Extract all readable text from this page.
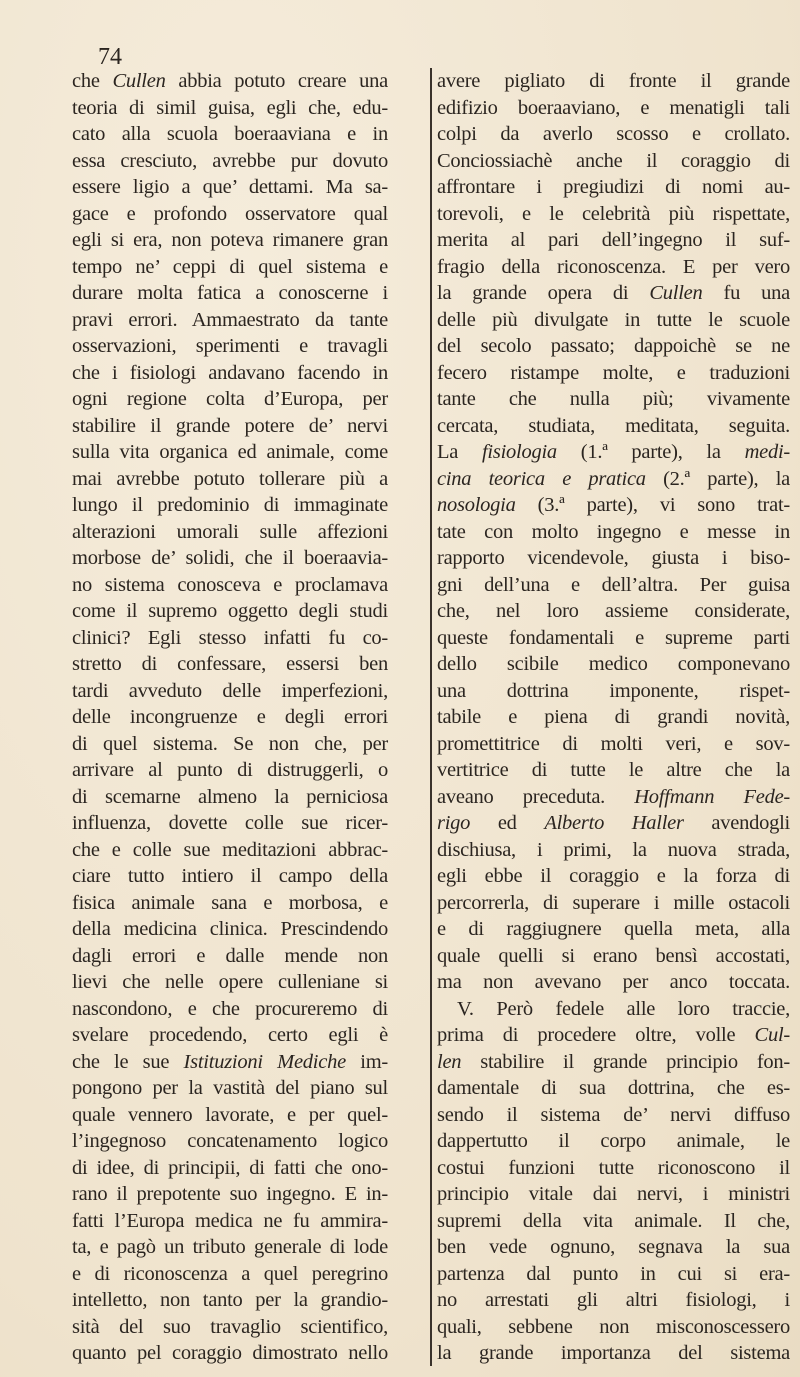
74
che Cullen abbia potuto creare una
teoria di simil guisa, egli che, edu-
cato alla scuola boeraaviana e in
essa cresciuto, avrebbe pur dovuto
essere ligio a que’ dettami. Ma sa-
gace e profondo osservatore qual
egli si era, non poteva rimanere gran
tempo ne’ ceppi di quel sistema e
durare molta fatica a conoscerne i
pravi errori. Ammaestrato da tante
osservazioni, sperimenti e travagli
che i fisiologi andavano facendo in
ogni regione colta d’Europa, per
stabilire il grande potere de’ nervi
sulla vita organica ed animale, come
mai avrebbe potuto tollerare più a
lungo il predominio di immaginate
alterazioni umorali sulle affezioni
morbose de’ solidi, che il boeraavia-
no sistema conosceva e proclamava
come il supremo oggetto degli studi
clinici? Egli stesso infatti fu co-
stretto di confessare, essersi ben
tardi avveduto delle imperfezioni,
delle incongruenze e degli errori
di quel sistema. Se non che, per
arrivare al punto di distruggerli, o
di scemarne almeno la perniciosa
influenza, dovette colle sue ricer-
che e colle sue meditazioni abbrac-
ciare tutto intiero il campo della
fisica animale sana e morbosa, e
della medicina clinica. Prescindendo
dagli errori e dalle mende non
lievi che nelle opere culleniane si
nascondono, e che procureremo di
svelare procedendo, certo egli è
che le sue Istituzioni Mediche im-
pongono per la vastità del piano sul
quale vennero lavorate, e per quel-
l’ingegnoso concatenamento logico
di idee, di principii, di fatti che ono-
rano il prepotente suo ingegno. E in-
fatti l’Europa medica ne fu ammira-
ta, e pagò un tributo generale di lode
e di riconoscenza a quel peregrino
intelletto, non tanto per la grandio-
sità del suo travaglio scientifico,
quanto pel coraggio dimostrato nello
avere pigliato di fronte il grande
edifizio boeraaviano, e menatigli tali
colpi da averlo scosso e crollato.
Conciossiachè anche il coraggio di
affrontare i pregiudizi di nomi au-
torevoli, e le celebrità più rispettate,
merita al pari dell’ingegno il suf-
fragio della riconoscenza. E per vero
la grande opera di Cullen fu una
delle più divulgate in tutte le scuole
del secolo passato; dappoichè se ne
fecero ristampe molte, e traduzioni
tante che nulla più; vivamente
cercata, studiata, meditata, seguita.
La fisiologia (1.ª parte), la medi-
cina teorica e pratica (2.ª parte), la
nosologia (3.ª parte), vi sono trat-
tate con molto ingegno e messe in
rapporto vicendevole, giusta i biso-
gni dell’una e dell’altra. Per guisa
che, nel loro assieme considerate,
queste fondamentali e supreme parti
dello scibile medico componevano
una dottrina imponente, rispet-
tabile e piena di grandi novità,
promettitrice di molti veri, e sov-
vertitrice di tutte le altre che la
aveano preceduta. Hoffmann Fede-
rigo ed Alberto Haller avendogli
dischiusa, i primi, la nuova strada,
egli ebbe il coraggio e la forza di
percorrerla, di superare i mille ostacoli
e di raggiugnere quella meta, alla
quale quelli si erano bensì accostati,
ma non avevano per anco toccata.
V. Però fedele alle loro traccie,
prima di procedere oltre, volle Cul-
len stabilire il grande principio fon-
damentale di sua dottrina, che es-
sendo il sistema de’ nervi diffuso
dappertutto il corpo animale, le
costui funzioni tutte riconoscono il
principio vitale dai nervi, i ministri
supremi della vita animale. Il che,
ben vede ognuno, segnava la sua
partenza dal punto in cui si era-
no arrestati gli altri fisiologi, i
quali, sebbene non misconoscessero
la grande importanza del sistema
